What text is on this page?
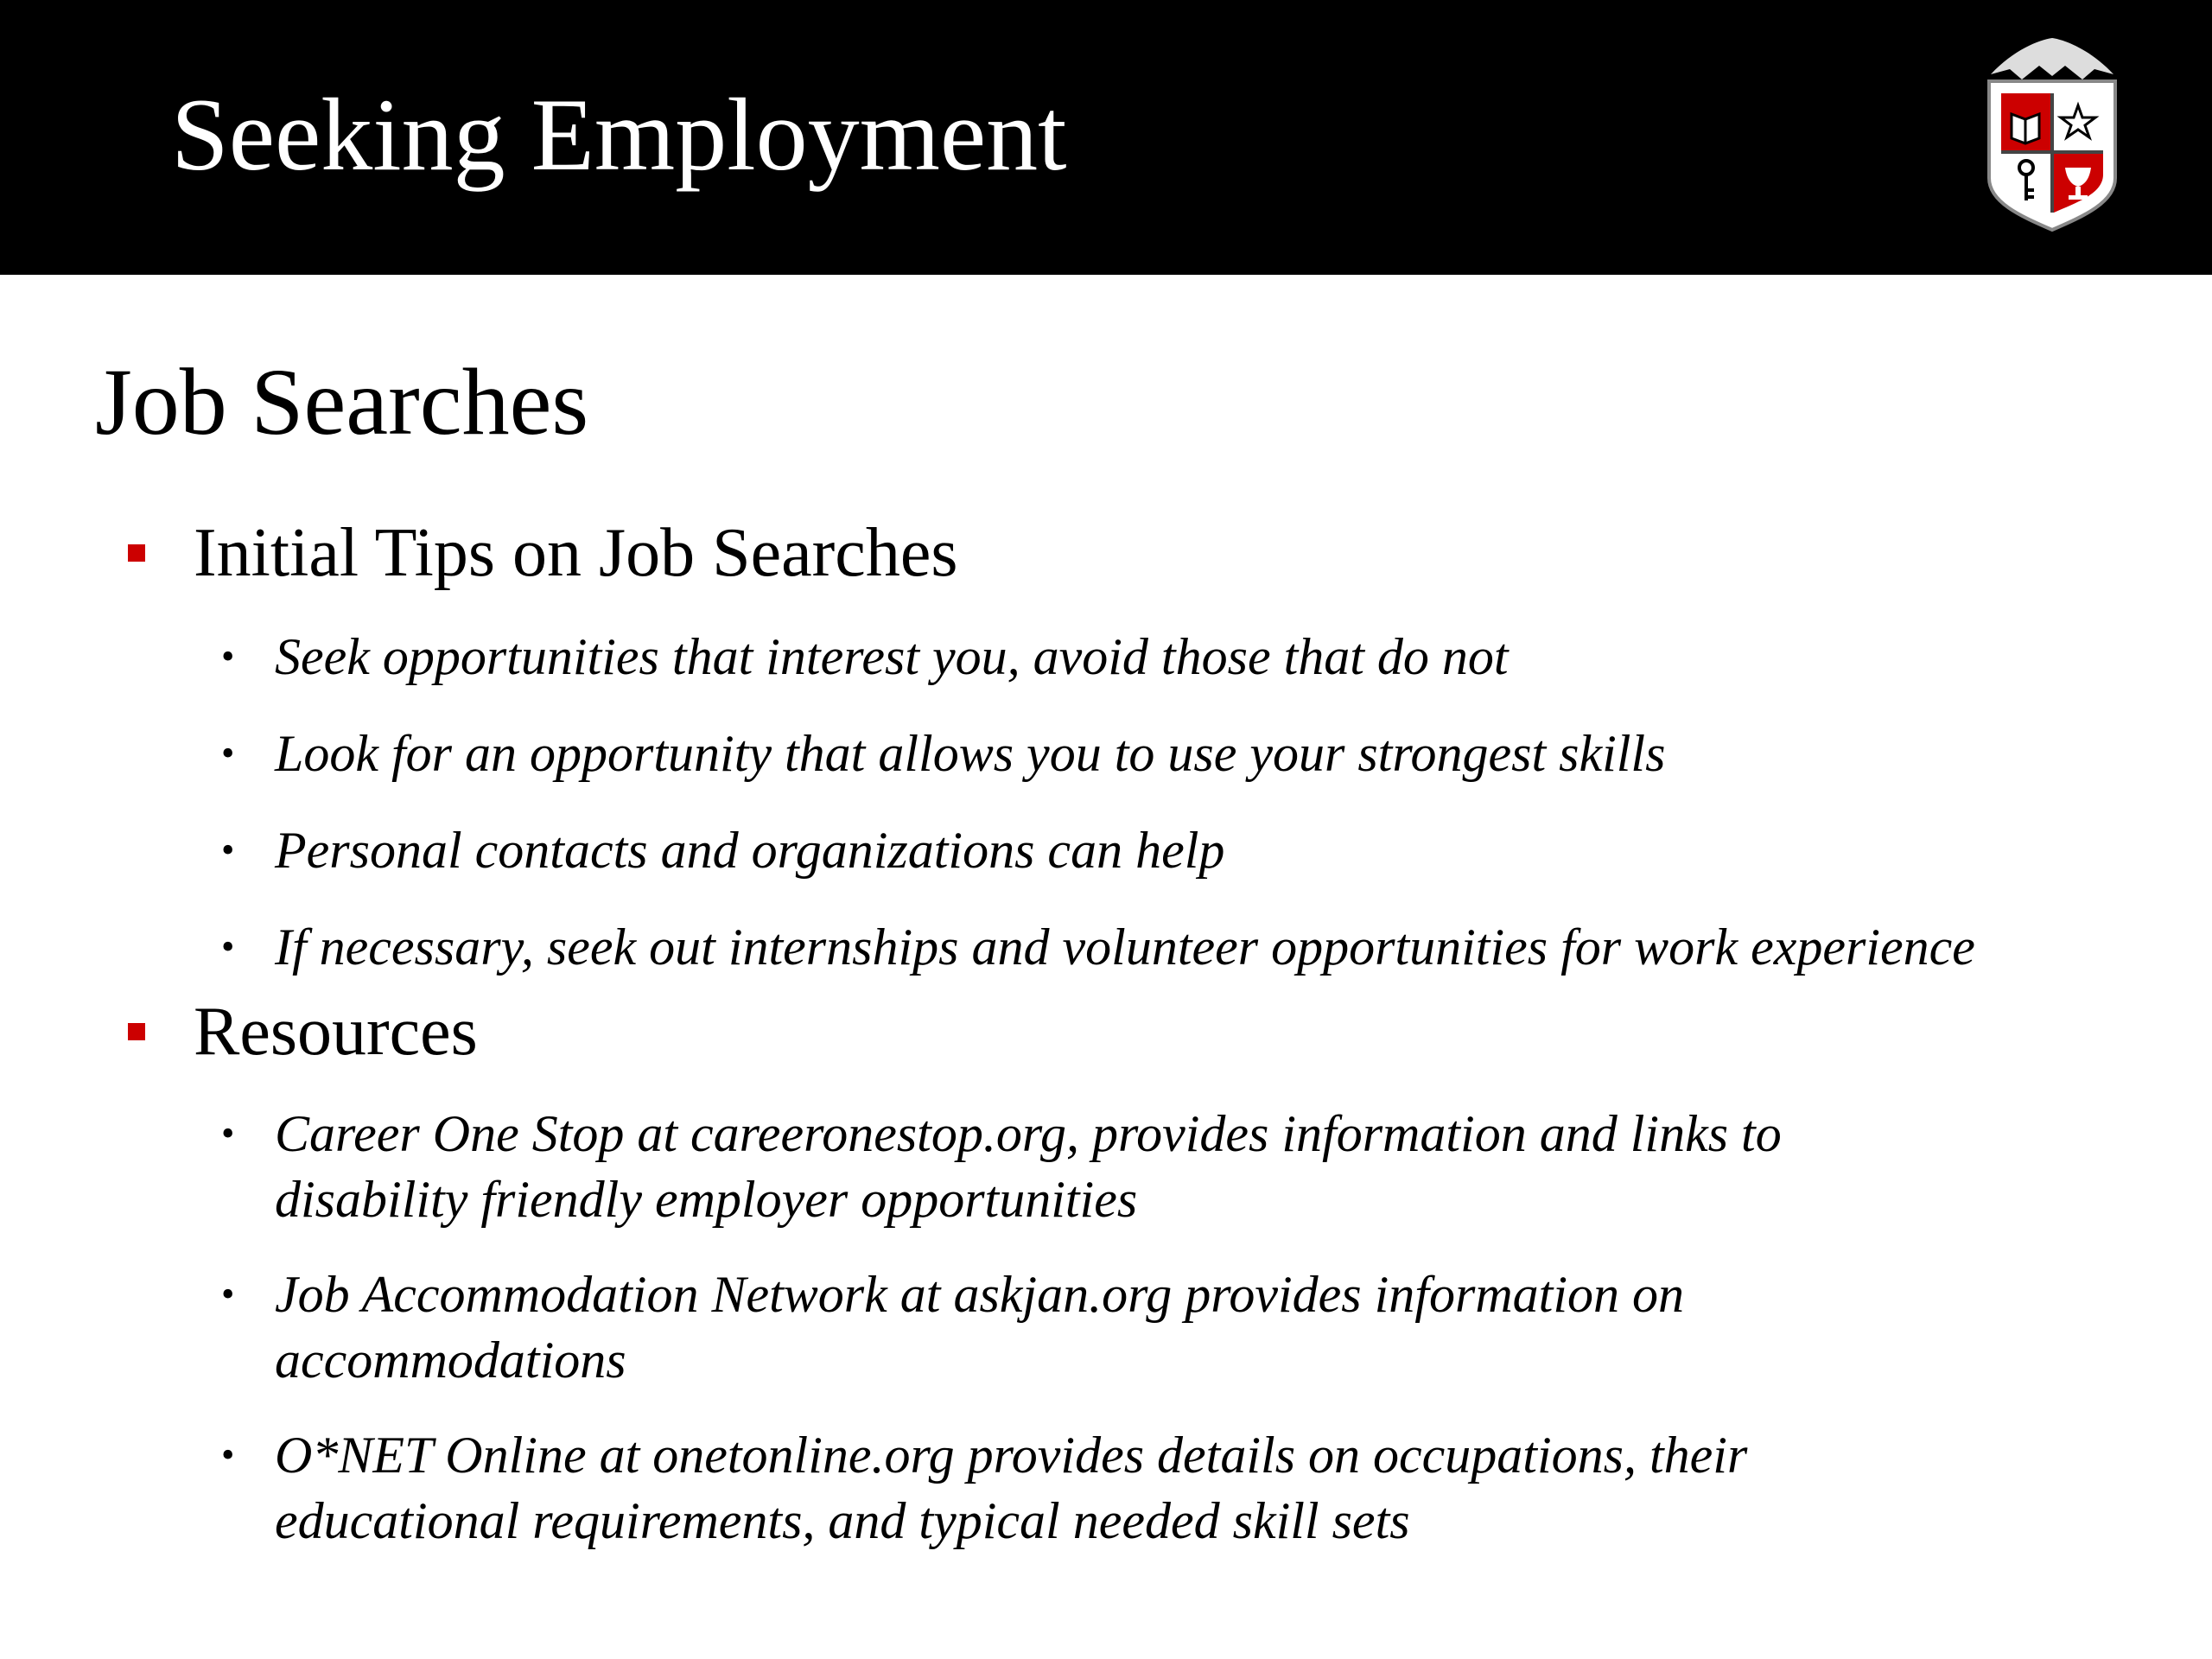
Seeking Employment
Job Searches
Initial Tips on Job Searches
• Seek opportunities that interest you, avoid those that do not
• Look for an opportunity that allows you to use your strongest skills
• Personal contacts and organizations can help
• If necessary, seek out internships and volunteer opportunities for work experience
Resources
• Career One Stop at careeronestop.org, provides information and links to disability friendly employer opportunities
• Job Accommodation Network at askjan.org provides information on accommodations
• O*NET Online at onetonline.org provides details on occupations, their educational requirements, and typical needed skill sets
